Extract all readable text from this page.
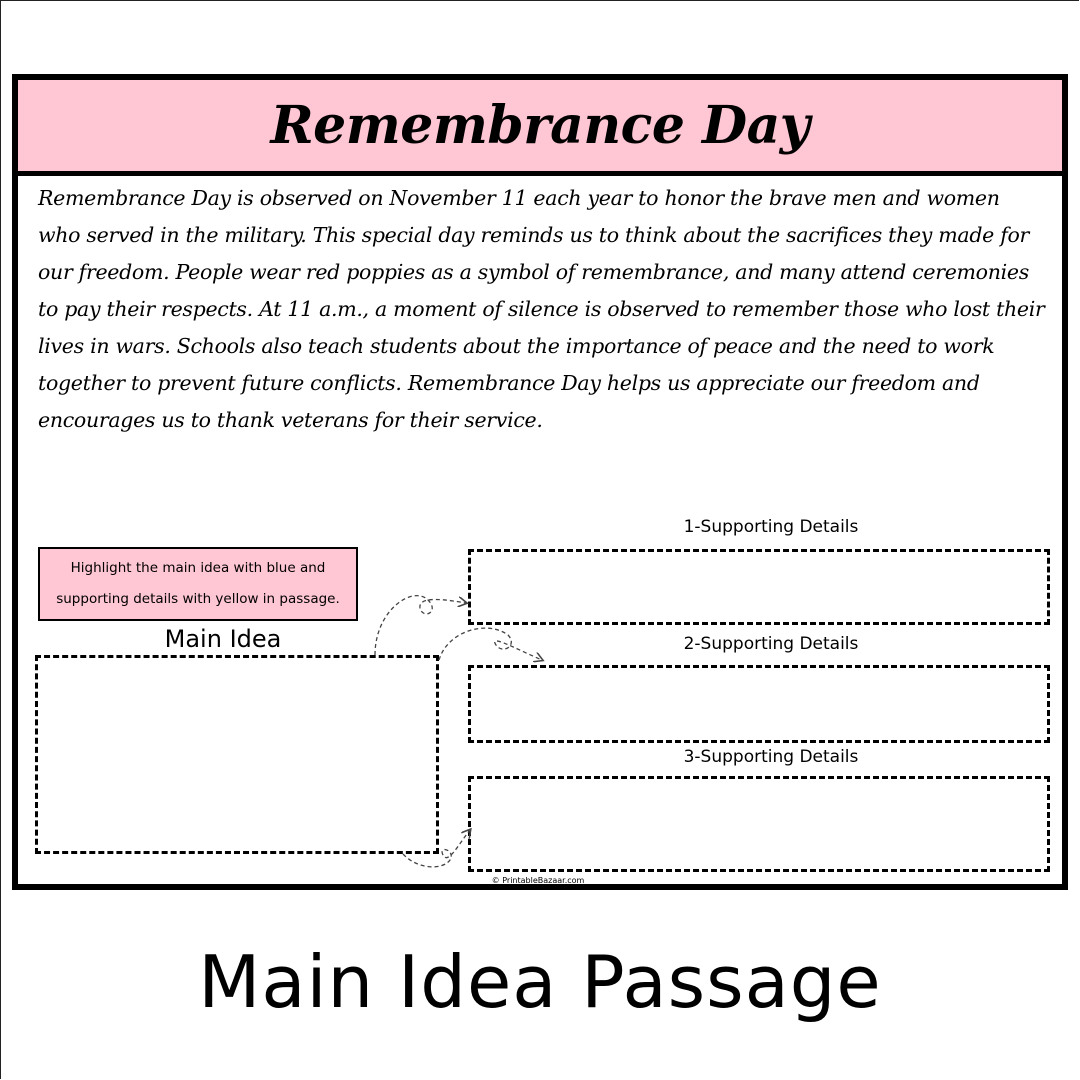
Remembrance Day

Remembrance Day is observed on November 11 each year to honor the brave men and women who served in the military. This special day reminds us to think about the sacrifices they made for our freedom. People wear red poppies as a symbol of remembrance, and many attend ceremonies to pay their respects. At 11 a.m., a moment of silence is observed to remember those who lost their lives in wars. Schools also teach students about the importance of peace and the need to work together to prevent future conflicts. Remembrance Day helps us appreciate our freedom and encourages us to thank veterans for their service.

Highlight the main idea with blue and supporting details with yellow in passage.
Main Idea
1-Supporting Details
2-Supporting Details
3-Supporting Details
© PrintableBazaar.com
Main Idea Passage
